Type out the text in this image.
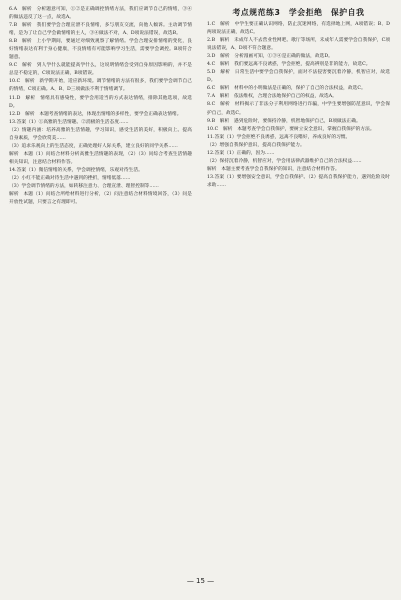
6.A　解析　分析题意可知，①②是正确调控情绪方法，我们应调节自己的情绪，③④的做法违反了这一点，故选A。

7.B　解析　我们要学会合理宣泄不良情绪，多与朋友交流，向他人倾诉。主动调节情绪，是为了让自己学会做情绪的主人，③④做法不对，A、D项说法错误，故选B。

8.B　解析　上小学期间，要通过对细致观察了解情绪。学会合理安排情绪的变化，良好情绪表达有利于身心健康，不良情绪有可能影响学习生活，需要学会调控。B项符合题意。

9.C　解析　到人学什么就能提高学什么，这说明情绪会受到自身原因影响的，并不是总是不稳定的，C项说法正确，B项错误。

10.C　解析　新学期开始，适应新环境。调节情绪的方法有很多，我们要学会调节自己的情绪，C项正确。A、B、D三项做法不利于情绪调节。

11.D　解析　情绪具有感染性，要学会用适当的方式表达情绪，排除其他选项，故选D。

12.D　解析　本题考查情绪的表达，体现出情绪的多样性，要学会正确表达情绪。

13.答案（1）①高雅的生活情趣。②消极的生活态度……

（2）情趣内涵：培养高雅的生活情趣，学习知识，感受生活的美好，积极向上。提高自身素质，学会欣赏美……

（3）追求乐观向上的生活态度，正确处理好人际关系，建立良好的同学关系……

解析　本题（1）问结合材料分析高雅生活情趣的表现，（2）（3）问综合考查生活情趣相关知识，注意结合材料作答。

14.答案（1）微信情绪的关系，学会调控情绪，乐观对待生活。

（2）小红不能正确对待生活中遇到的挫折，情绪低落……

（3）学会调节情绪的方法，如转移注意力、合理宣泄、理智控制等……

解析　本题（1）问结合所给材料进行分析，（2）问注意结合材料情境回答，（3）问是开放性试题，只要言之有理即可。

考点规范练3　学会拒绝　保护自我

1.C　解析　中学生要正确认识网络，防止沉迷网络，有选择地上网，A项错误；B、D两项说法正确，故选C。

2.B　解析　未成年人不去营业性网吧、歌厅等场所，未成年人需要学会自我保护，C项说法错误，A、D项不符合题意。

3.D　解析　分析漫画可知，①③④是正确的做法，故选D。

4.C　解析　我们要远离不良诱惑，学会拒绝，提高辨别是非的能力，故选C。

5.D　解析　日常生活中要学会自我保护，面对不法侵害要沉着冷静，机智应对，故选D。

6.C　解析　材料中的小明做法是正确的，保护了自己的合法权益，故选C。

7.A　解析　依法维权，合理合法地保护自己的权益，故选A。

8.C　解析　材料揭示了非法分子利用网络进行诈骗，中学生要增强防范意识，学会保护自己，故选C。

9.B　解析　遇到危险时，要保持冷静，机智地保护自己，B项做法正确。

10.C　解析　本题考查学会自我保护，要树立安全意识，掌握自我保护的方法。

11.答案（1）学会拒绝不良诱惑，远离不良嗜好，养成良好的习惯。

（2）增强自我保护意识，提高自我保护能力。

12.答案（1）正确的，因为……

（2）保持沉着冷静，机智应对，学会用法律武器维护自己的合法权益……

解析　本题主要考查学会自我保护的知识，注意结合材料作答。

13.答案（1）要增强安全意识，学会自我保护。（2）提高自我保护能力，遇到危险及时求助……

— 15 —
